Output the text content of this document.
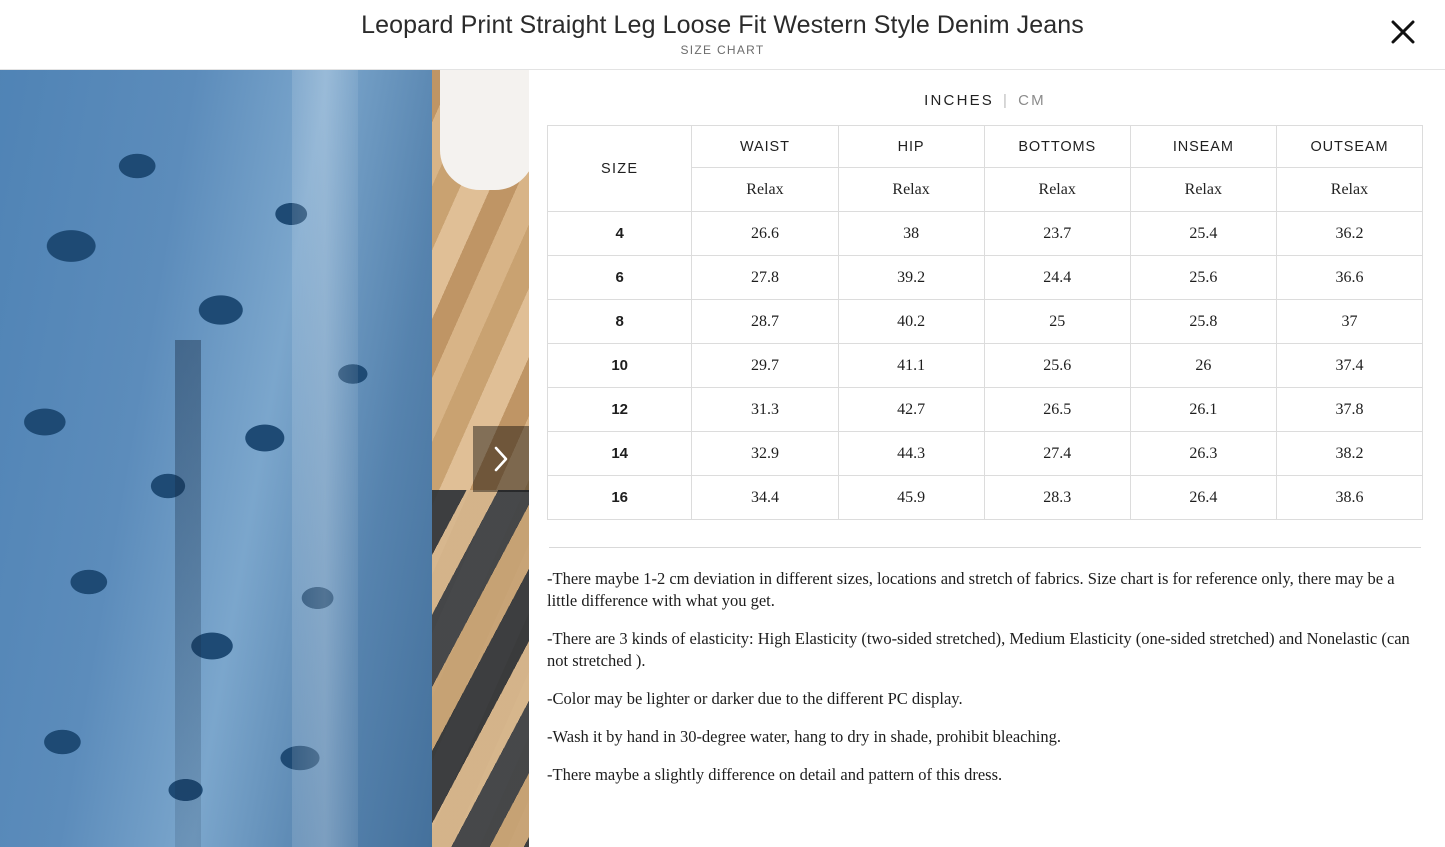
Leopard Print Straight Leg Loose Fit Western Style Denim Jeans
SIZE CHART
INCHES | CM
SIZE	WAIST	HIP	BOTTOMS	INSEAM	OUTSEAM
	Relax	Relax	Relax	Relax	Relax
4	26.6	38	23.7	25.4	36.2
6	27.8	39.2	24.4	25.6	36.6
8	28.7	40.2	25	25.8	37
10	29.7	41.1	25.6	26	37.4
12	31.3	42.7	26.5	26.1	37.8
14	32.9	44.3	27.4	26.3	38.2
16	34.4	45.9	28.3	26.4	38.6

-There maybe 1-2 cm deviation in different sizes, locations and stretch of fabrics. Size chart is for reference only, there may be a little difference with what you get.

-There are 3 kinds of elasticity: High Elasticity (two-sided stretched), Medium Elasticity (one-sided stretched) and Nonelastic (can not stretched ).

-Color may be lighter or darker due to the different PC display.

-Wash it by hand in 30-degree water, hang to dry in shade, prohibit bleaching.

-There maybe a slightly difference on detail and pattern of this dress.
